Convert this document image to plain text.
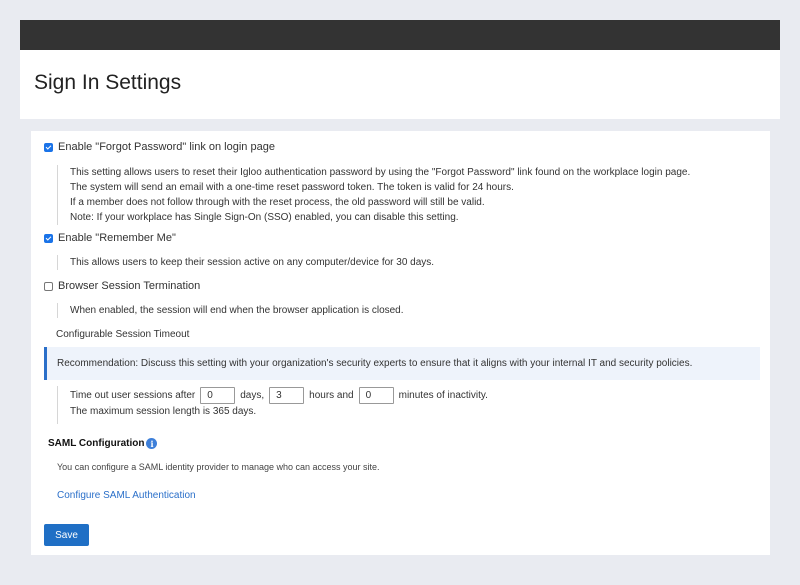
Sign In Settings
Enable "Forgot Password" link on login page
This setting allows users to reset their Igloo authentication password by using the "Forgot Password" link found on the workplace login page.
The system will send an email with a one-time reset password token. The token is valid for 24 hours.
If a member does not follow through with the reset process, the old password will still be valid.
Note: If your workplace has Single Sign-On (SSO) enabled, you can disable this setting.
Enable "Remember Me"
This allows users to keep their session active on any computer/device for 30 days.
Browser Session Termination
When enabled, the session will end when the browser application is closed.
Configurable Session Timeout
Recommendation: Discuss this setting with your organization's security experts to ensure that it aligns with your internal IT and security policies.
Time out user sessions after
0	days,
3	hours and
0	minutes of inactivity.
The maximum session length is 365 days.
SAML Configuration i
You can configure a SAML identity provider to manage who can access your site.
Configure SAML Authentication
Save
